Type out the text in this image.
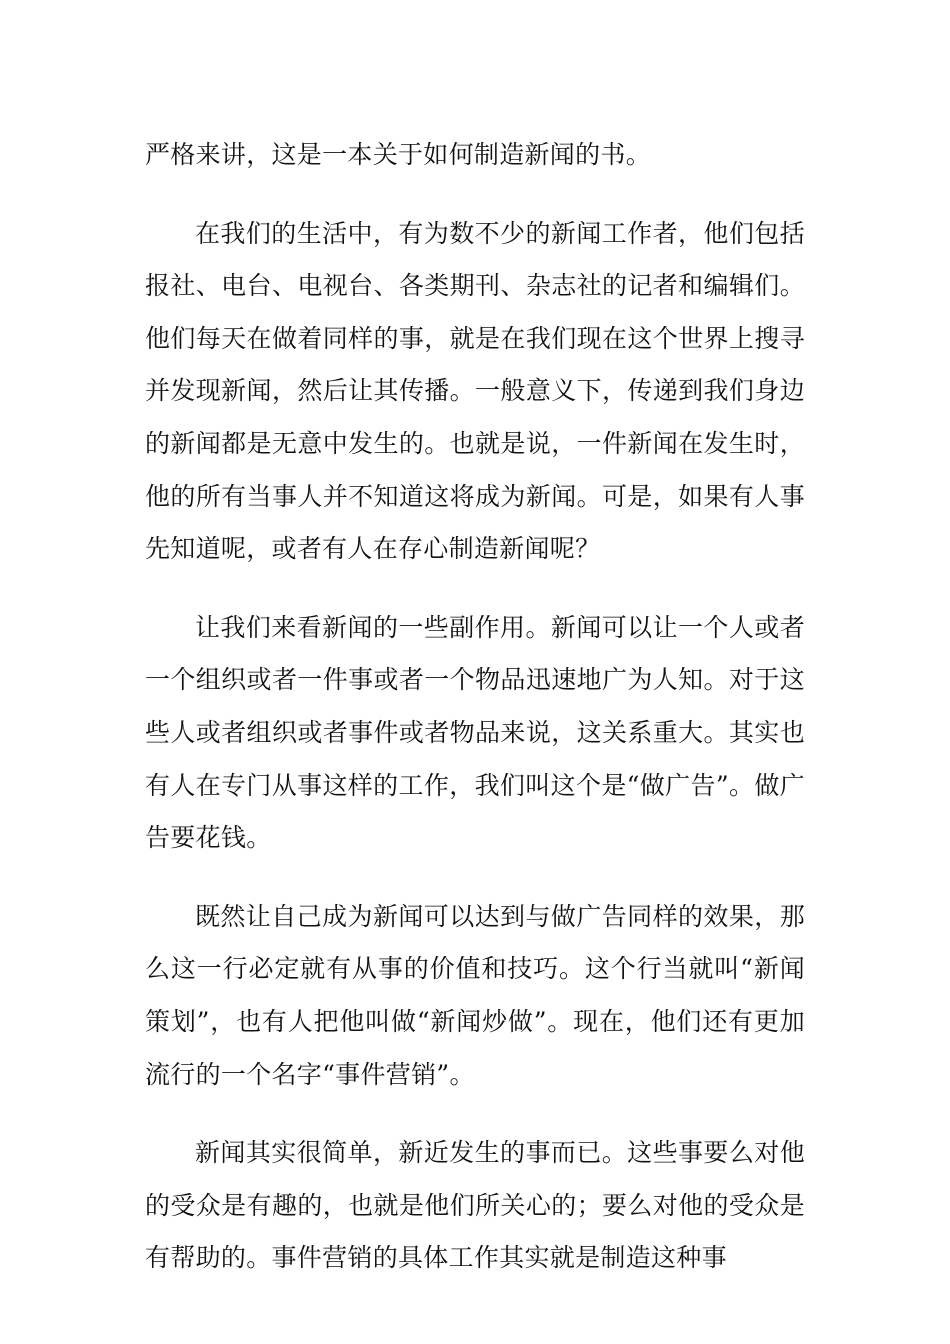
严格来讲，这是一本关于如何制造新闻的书。

在我们的生活中，有为数不少的新闻工作者，他们包括报社、电台、电视台、各类期刊、杂志社的记者和编辑们。他们每天在做着同样的事，就是在我们现在这个世界上搜寻并发现新闻，然后让其传播。一般意义下，传递到我们身边的新闻都是无意中发生的。也就是说，一件新闻在发生时，他的所有当事人并不知道这将成为新闻。可是，如果有人事先知道呢，或者有人在存心制造新闻呢？

让我们来看新闻的一些副作用。新闻可以让一个人或者一个组织或者一件事或者一个物品迅速地广为人知。对于这些人或者组织或者事件或者物品来说，这关系重大。其实也有人在专门从事这样的工作，我们叫这个是“做广告”。做广告要花钱。

既然让自己成为新闻可以达到与做广告同样的效果，那么这一行必定就有从事的价值和技巧。这个行当就叫“新闻策划”，也有人把他叫做“新闻炒做”。现在，他们还有更加流行的一个名字“事件营销”。

新闻其实很简单，新近发生的事而已。这些事要么对他的受众是有趣的，也就是他们所关心的；要么对他的受众是有帮助的。事件营销的具体工作其实就是制造这种事
